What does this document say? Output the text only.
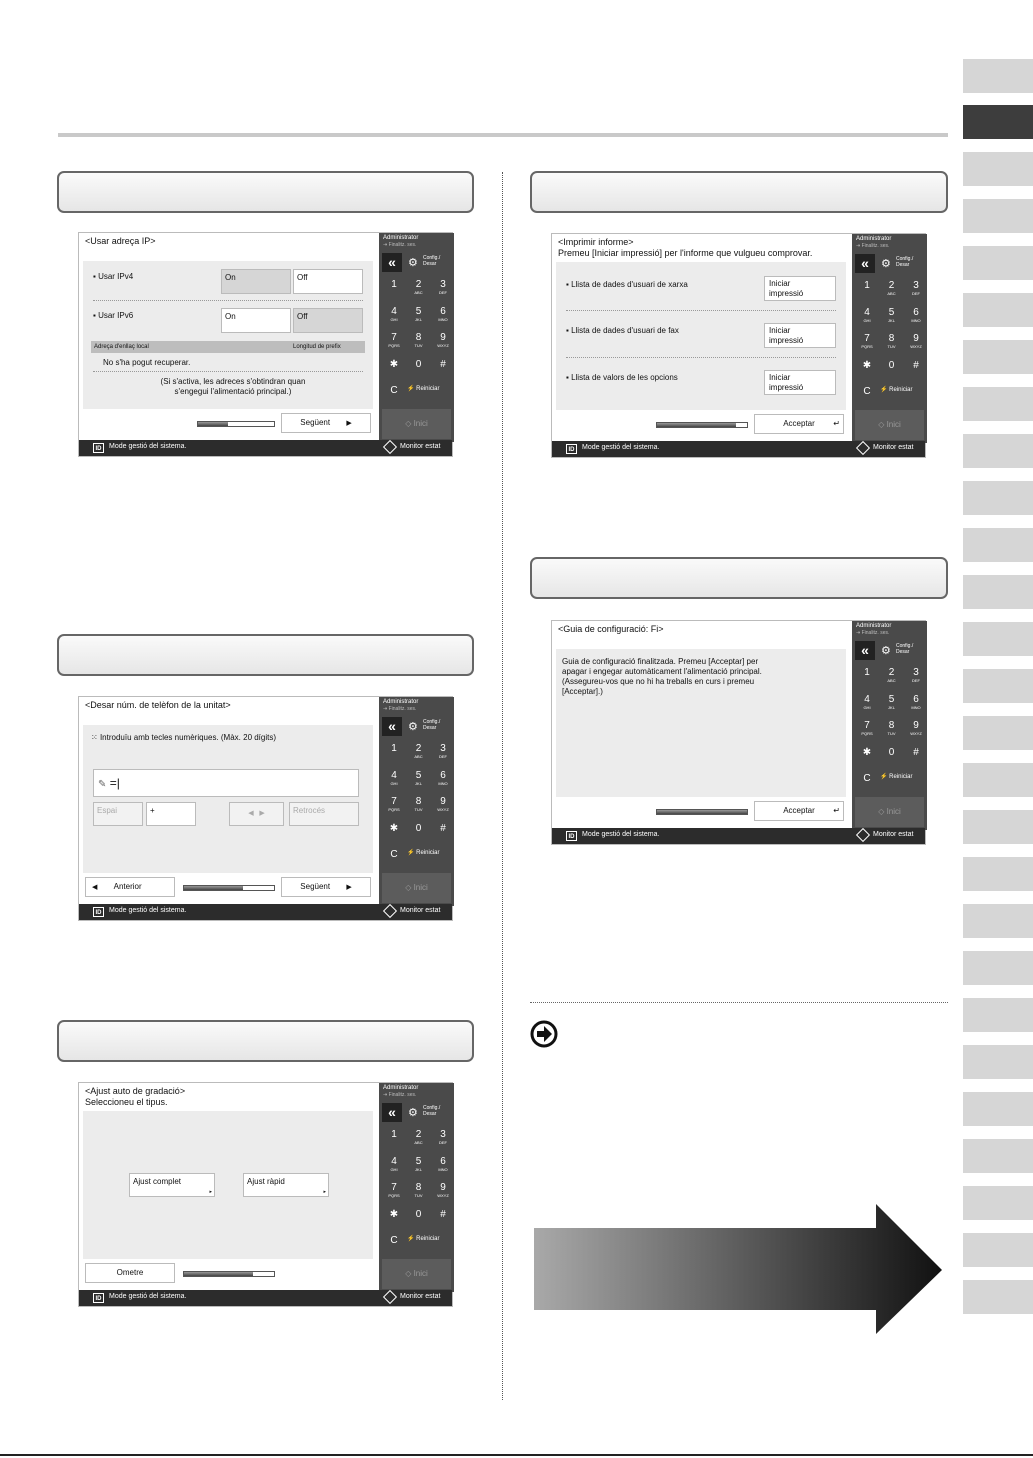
<Usar adreça IP>
▪ Usar IPv4	On	Off
▪ Usar IPv6	On	Off
Adreça d'enllaç local	Longitud de prefix
No s'ha pogut recuperar.
(Si s'activa, les adreces s'obtindran quan
s'engegui l'alimentació principal.)
Següent ▶
Administrator
⇥ Finalitz. ses.
«	⚙ Config./
Desar
1	2
ABC
3
DEF
4
GHI
5
JKL
6
MNO
7
PQRS
8
TUV
9
WXYZ
✱	0	#
C	⚡ Reiniciar
◇ Inici
ID	Mode gestió del sistema.	Monitor estat
<Desar núm. de telèfon de la unitat>
⁙ Introduïu amb tecles numèriques. (Màx. 20 dígits)
✎ =|
Espai	+	◀ ▶	Retrocés
◀ Anterior	Següent ▶
Administrator
⇥ Finalitz. ses.
«	⚙ Config./
Desar
1	2
ABC
3
DEF
4
GHI
5
JKL
6
MNO
7
PQRS
8
TUV
9
WXYZ
✱	0	#
C	⚡ Reiniciar
◇ Inici
ID	Mode gestió del sistema.	Monitor estat
<Ajust auto de gradació>
Seleccioneu el tipus.
Ajust complet
▸
Ajust ràpid
▸
Ometre
Administrator
⇥ Finalitz. ses.
«	⚙ Config./
Desar
1	2
ABC
3
DEF
4
GHI
5
JKL
6
MNO
7
PQRS
8
TUV
9
WXYZ
✱	0	#
C	⚡ Reiniciar
◇ Inici
ID	Mode gestió del sistema.	Monitor estat
<Imprimir informe>
Premeu [Iniciar impressió] per l'informe que vulgueu comprovar.
▪ Llista de dades d'usuari de xarxa	Iniciar
impressió
▪ Llista de dades d'usuari de fax	Iniciar
impressió
▪ Llista de valors de les opcions	Iniciar
impressió
Acceptar ↵
Administrator
⇥ Finalitz. ses.
«	⚙ Config./
Desar
1	2
ABC
3
DEF
4
GHI
5
JKL
6
MNO
7
PQRS
8
TUV
9
WXYZ
✱	0	#
C	⚡ Reiniciar
◇ Inici
ID	Mode gestió del sistema.	Monitor estat
<Guia de configuració: Fi>
Guia de configuració finalitzada. Premeu [Acceptar] per
apagar i engegar automàticament l'alimentació principal.
(Assegureu-vos que no hi ha treballs en curs i premeu
[Acceptar].)
Acceptar ↵
Administrator
⇥ Finalitz. ses.
«	⚙ Config./
Desar
1	2
ABC
3
DEF
4
GHI
5
JKL
6
MNO
7
PQRS
8
TUV
9
WXYZ
✱	0	#
C	⚡ Reiniciar
◇ Inici
ID	Mode gestió del sistema.	Monitor estat
